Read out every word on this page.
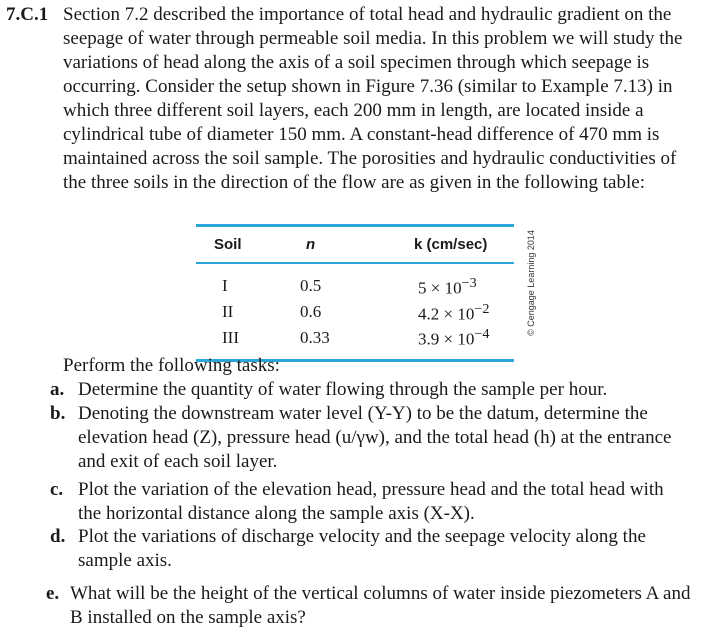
7.C.1 Section 7.2 described the importance of total head and hydraulic gradient on the seepage of water through permeable soil media. In this problem we will study the variations of head along the axis of a soil specimen through which seepage is occurring. Consider the setup shown in Figure 7.36 (similar to Example 7.13) in which three different soil layers, each 200 mm in length, are located inside a cylindrical tube of diameter 150 mm. A constant-head difference of 470 mm is maintained across the soil sample. The porosities and hydraulic conductivities of the three soils in the direction of the flow are as given in the following table:

Soil	n	k (cm/sec)
I	0.5	$5 \times 10^{-3}$
II	0.6	$4.2 \times 10^{-2}$
III	0.33	$3.9 \times 10^{-4}$	© Cengage Learning 2014
Perform the following tasks:
a. Determine the quantity of water flowing through the sample per hour.
b. Denoting the downstream water level (Y-Y) to be the datum, determine the elevation head (Z), pressure head (u/γw), and the total head (h) at the entrance and exit of each soil layer.
c. Plot the variation of the elevation head, pressure head and the total head with the horizontal distance along the sample axis (X-X).
d. Plot the variations of discharge velocity and the seepage velocity along the sample axis.
e. What will be the height of the vertical columns of water inside piezometers A and B installed on the sample axis?
